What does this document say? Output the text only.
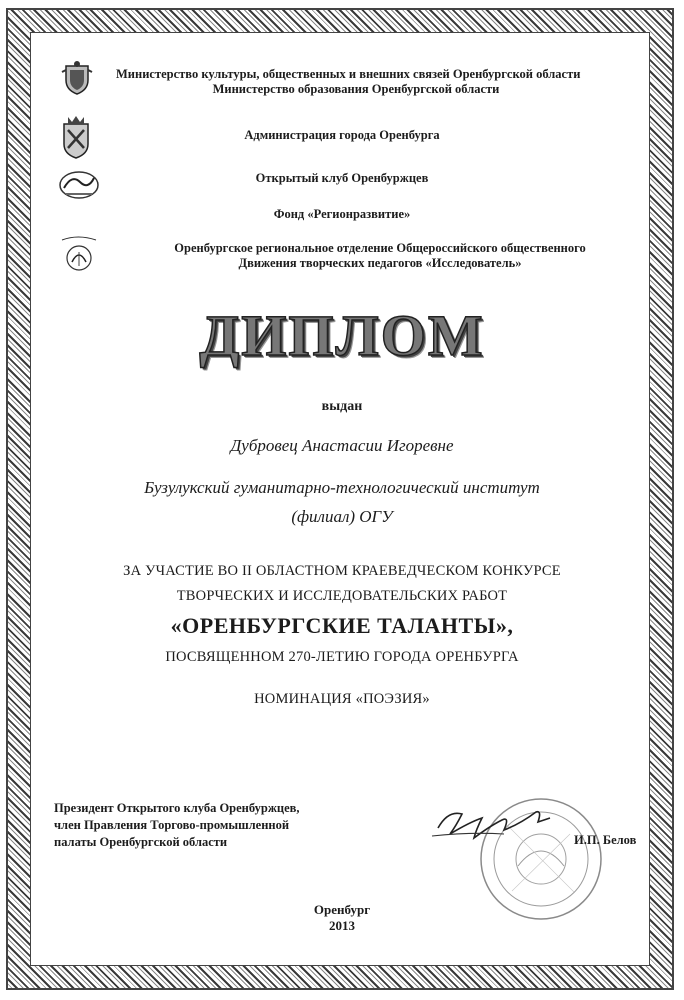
Министерство культуры, общественных и внешних связей Оренбургской области
Министерство образования Оренбургской области
Администрация города Оренбурга
Открытый клуб Оренбуржцев
Фонд «Регионразвитие»
Оренбургское региональное отделение Общероссийского общественного
Движения творческих педагогов «Исследователь»
ДИПЛОМ
выдан
Дубровец Анастасии Игоревне
Бузулукский гуманитарно-технологический институт
(филиал) ОГУ
ЗА УЧАСТИЕ ВО II ОБЛАСТНОМ КРАЕВЕДЧЕСКОМ КОНКУРСЕ
ТВОРЧЕСКИХ И ИССЛЕДОВАТЕЛЬСКИХ РАБОТ
«ОРЕНБУРГСКИЕ ТАЛАНТЫ»,
ПОСВЯЩЕННОМ 270-ЛЕТИЮ ГОРОДА ОРЕНБУРГА
НОМИНАЦИЯ «ПОЭЗИЯ»
Президент Открытого клуба Оренбуржцев,
член Правления Торгово-промышленной
палаты Оренбургской области	И.П. Белов
Оренбург
2013
